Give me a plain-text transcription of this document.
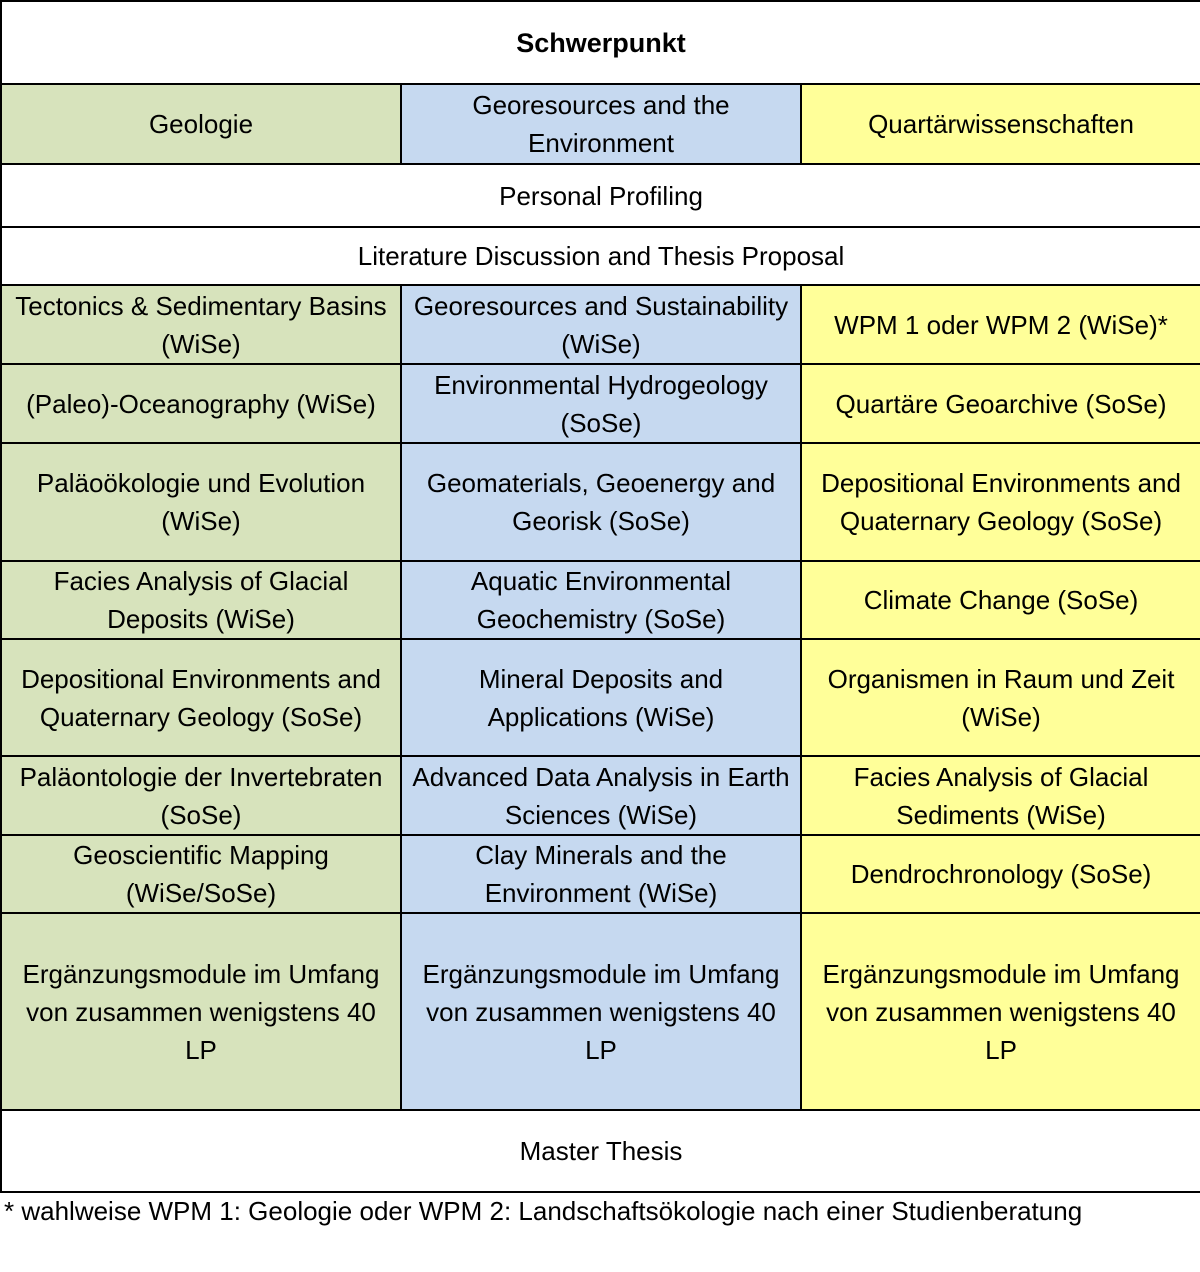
Schwerpunkt		
Geologie	Georesources and the Environment	Quartärwissenschaften
Personal Profiling		
Literature Discussion and Thesis Proposal		
Tectonics & Sedimentary Basins (WiSe)	Georesources and Sustainability (WiSe)	WPM 1 oder WPM 2 (WiSe)*
(Paleo)-Oceanography (WiSe)	Environmental Hydrogeology (SoSe)	Quartäre Geoarchive (SoSe)
Paläoökologie und Evolution (WiSe)	Geomaterials, Geoenergy and Georisk (SoSe)	Depositional Environments and Quaternary Geology (SoSe)
Facies Analysis of Glacial Deposits (WiSe)	Aquatic Environmental Geochemistry (SoSe)	Climate Change (SoSe)
Depositional Environments and Quaternary Geology (SoSe)	Mineral Deposits and Applications (WiSe)	Organismen in Raum und Zeit (WiSe)
Paläontologie der Invertebraten (SoSe)	Advanced Data Analysis in Earth Sciences (WiSe)	Facies Analysis of Glacial Sediments (WiSe)
Geoscientific Mapping (WiSe/SoSe)	Clay Minerals and the Environment (WiSe)	Dendrochronology (SoSe)
Ergänzungsmodule im Umfang von zusammen wenigstens 40 LP	Ergänzungsmodule im Umfang von zusammen wenigstens 40 LP	Ergänzungsmodule im Umfang von zusammen wenigstens 40 LP
Master Thesis		
* wahlweise WPM 1: Geologie oder WPM 2: Landschaftsökologie nach einer Studienberatung
